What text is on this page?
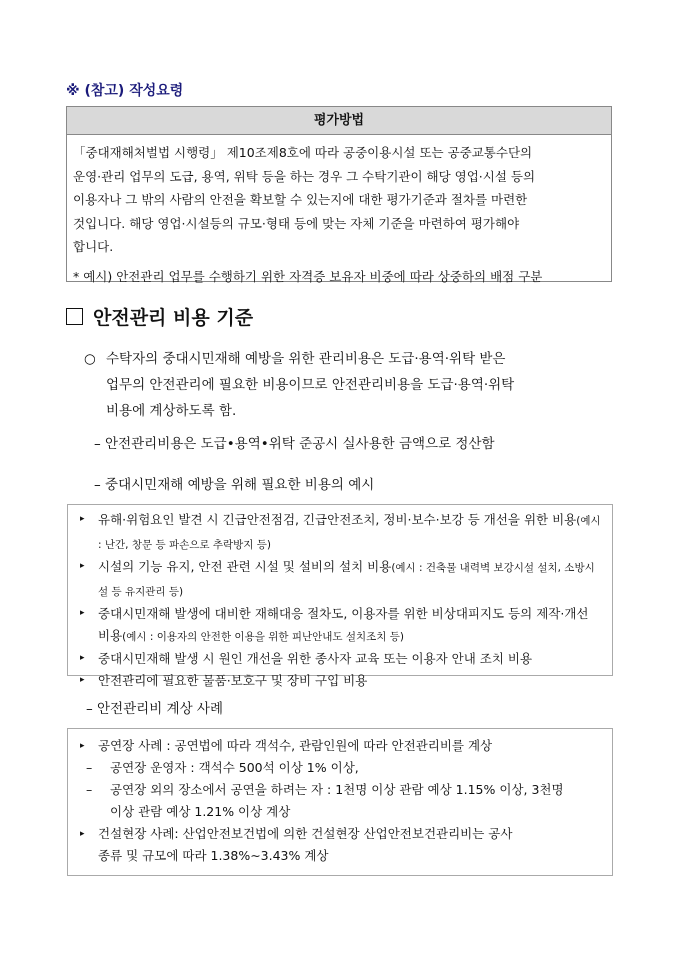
※ (참고) 작성요령
평가방법
「중대재해처벌법 시행령」 제10조제8호에 따라 공중이용시설 또는 공중교통수단의
운영·관리 업무의 도급, 용역, 위탁 등을 하는 경우 그 수탁기관이 해당 영업·시설 등의
이용자나 그 밖의 사람의 안전을 확보할 수 있는지에 대한 평가기준과 절차를 마련한
것입니다. 해당 영업·시설등의 규모·형태 등에 맞는 자체 기준을 마련하여 평가해야
합니다.
* 예시) 안전관리 업무를 수행하기 위한 자격증 보유자 비중에 따라 상중하의 배점 구분
안전관리 비용 기준
○ 수탁자의 중대시민재해 예방을 위한 관리비용은 도급·용역·위탁 받은
업무의 안전관리에 필요한 비용이므로 안전관리비용을 도급·용역·위탁
비용에 계상하도록 함.
– 안전관리비용은 도급•용역•위탁 준공시 실사용한 금액으로 정산함
– 중대시민재해 예방을 위해 필요한 비용의 예시
▸ 유해·위험요인 발견 시 긴급안전점검, 긴급안전조치, 정비·보수·보강 등 개선을 위한 비용(예시 : 난간, 창문 등 파손으로 추락방지 등)
▸ 시설의 기능 유지, 안전 관련 시설 및 설비의 설치 비용(예시 : 건축물 내력벽 보강시설 설치, 소방시설 등 유지관리 등)
▸ 중대시민재해 발생에 대비한 재해대응 절차도, 이용자를 위한 비상대피지도 등의 제작·개선 비용(예시 : 이용자의 안전한 이용을 위한 피난안내도 설치조치 등)
▸ 중대시민재해 발생 시 원인 개선을 위한 종사자 교육 또는 이용자 안내 조치 비용
▸ 안전관리에 필요한 물품·보호구 및 장비 구입 비용
– 안전관리비 계상 사례
▸ 공연장 사례 : 공연법에 따라 객석수, 관람인원에 따라 안전관리비를 계상
– 공연장 운영자 : 객석수 500석 이상 1% 이상,
– 공연장 외의 장소에서 공연을 하려는 자 : 1천명 이상 관람 예상 1.15% 이상, 3천명
이상 관람 예상 1.21% 이상 계상
▸ 건설현장 사례: 산업안전보건법에 의한 건설현장 산업안전보건관리비는 공사
종류 및 규모에 따라 1.38%∼3.43% 계상
